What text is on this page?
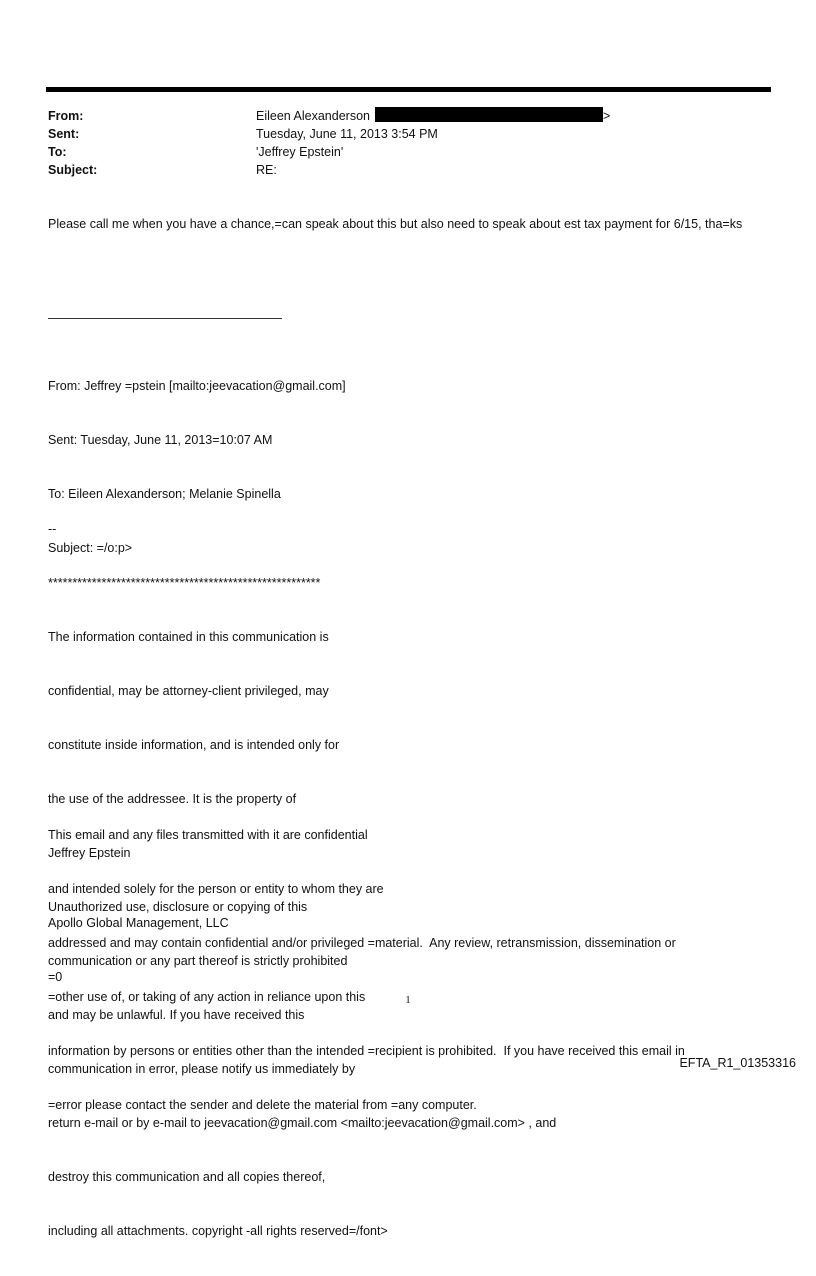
From:	Eileen Alexanderson	>
Sent:	Tuesday, June 11, 2013 3:54 PM
To:	'Jeffrey Epstein'
Subject:	RE:
Please call me when you have a chance,=can speak about this but also need to speak about est tax payment for 6/15, tha=ks

From: Jeffrey =pstein [mailto:jeevacation@gmail.com]

Sent: Tuesday, June 11, 2013=10:07 AM

To: Eileen Alexanderson; Melanie Spinella

Subject: =/o:p>

--

********************************************************

The information contained in this communication is

confidential, may be attorney-client privileged, may

constitute inside information, and is intended only for

the use of the addressee. It is the property of

Jeffrey Epstein

Unauthorized use, disclosure or copying of this

communication or any part thereof is strictly prohibited

and may be unlawful. If you have received this

communication in error, please notify us immediately by

return e-mail or by e-mail to jeevacation@gmail.com <mailto:jeevacation@gmail.com> , and

destroy this communication and all copies thereof,

including all attachments. copyright -all rights reserved=/font>

This email and any files transmitted with it are confidential

and intended solely for the person or entity to whom they are

addressed and may contain confidential and/or privileged =material.  Any review, retransmission, dissemination or

=other use of, or taking of any action in reliance upon this

information by persons or entities other than the intended =recipient is prohibited.  If you have received this email in

=error please contact the sender and delete the material from =any computer.

Apollo Global Management, LLC
=0
1
EFTA_R1_01353316
